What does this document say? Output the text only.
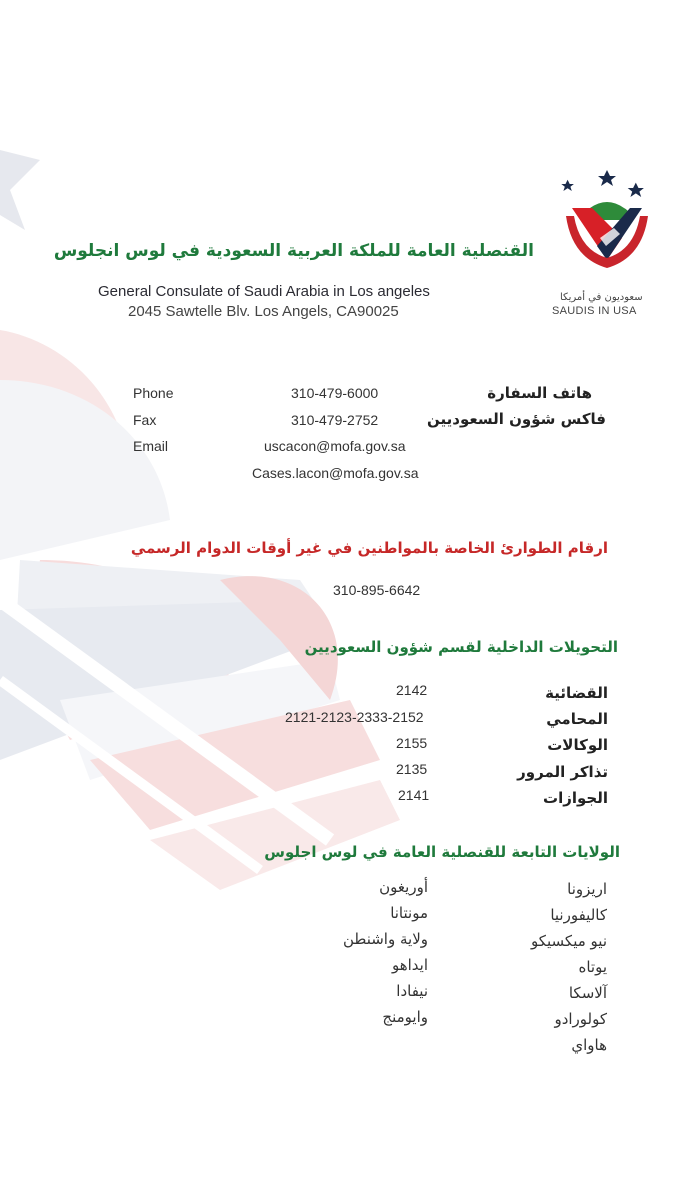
سعوديون في أمريكا
SAUDIS IN USA
القنصلية العامة للملكة العربية السعودية في لوس انجلوس
General Consulate of Saudi Arabia in Los angeles
2045 Sawtelle Blv. Los Angels, CA90025
Phone	310-479-6000	هاتف السفارة
Fax	310-479-2752	فاكس شؤون السعوديين
Email	uscacon@mofa.gov.sa
Cases.lacon@mofa.gov.sa
ارقام الطوارئ الخاصة بالمواطنين في غير أوقات الدوام الرسمي
310-895-6642
التحويلات الداخلية لقسم شؤون السعوديين
2142	القضائية
2121-2123-2333-2152	المحامي
2155	الوكالات
2135	تذاكر المرور
2141	الجوازات
الولايات التابعة للقنصلية العامة في لوس اجلوس
اريزونا
كاليفورنيا
نيو ميكسيكو
يوتاه
آلاسكا
كولورادو
هاواي
أوريغون
مونتانا
ولاية واشنطن
ايداهو
نيفادا
وايومنج
